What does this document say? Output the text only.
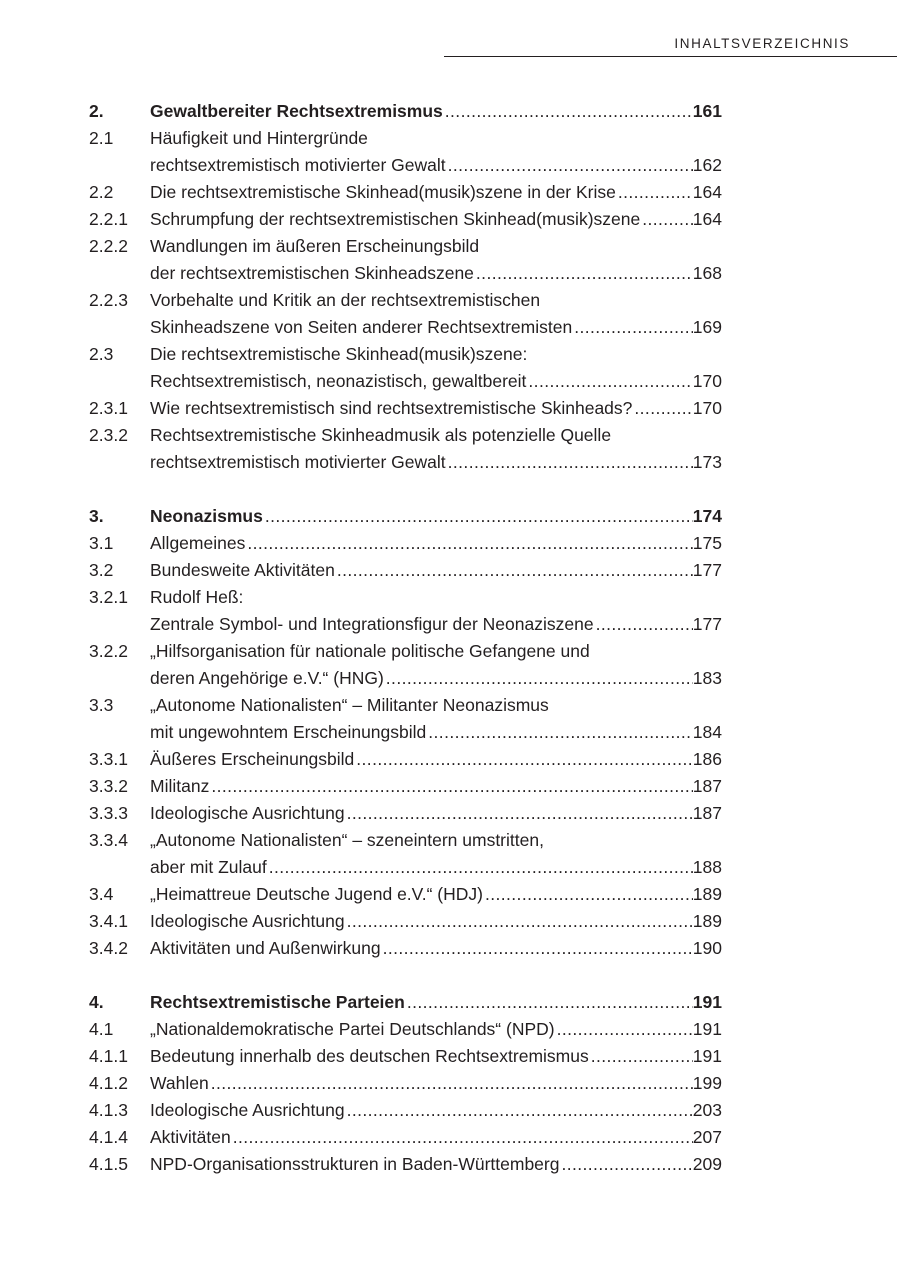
INHALTSVERZEICHNIS
2.	Gewaltbereiter Rechtsextremismus .....	161
2.1	Häufigkeit und Hintergründe
rechtsextremistisch motivierter Gewalt .....	162
2.2	Die rechtsextremistische Skinhead(musik)szene in der Krise .....	164
2.2.1	Schrumpfung der rechtsextremistischen Skinhead(musik)szene .....	164
2.2.2	Wandlungen im äußeren Erscheinungsbild
der rechtsextremistischen Skinheadszene .....	168
2.2.3	Vorbehalte und Kritik an der rechtsextremistischen
Skinheadszene von Seiten anderer Rechtsextremisten .....	169
2.3	Die rechtsextremistische Skinhead(musik)szene:
Rechtsextremistisch, neonazistisch, gewaltbereit .....	170
2.3.1	Wie rechtsextremistisch sind rechtsextremistische Skinheads? .....	170
2.3.2	Rechtsextremistische Skinheadmusik als potenzielle Quelle
rechtsextremistisch motivierter Gewalt .....	173
3.	Neonazismus .....	174
3.1	Allgemeines .....	175
3.2	Bundesweite Aktivitäten .....	177
3.2.1	Rudolf Heß:
Zentrale Symbol- und Integrationsfigur der Neonaziszene .....	177
3.2.2	„Hilfsorganisation für nationale politische Gefangene und
deren Angehörige e.V.“ (HNG) .....	183
3.3	„Autonome Nationalisten“ – Militanter Neonazismus
mit ungewohntem Erscheinungsbild .....	184
3.3.1	Äußeres Erscheinungsbild .....	186
3.3.2	Militanz .....	187
3.3.3	Ideologische Ausrichtung .....	187
3.3.4	„Autonome Nationalisten“ – szeneintern umstritten,
aber mit Zulauf .....	188
3.4	„Heimattreue Deutsche Jugend e.V.“ (HDJ) .....	189
3.4.1	Ideologische Ausrichtung .....	189
3.4.2	Aktivitäten und Außenwirkung .....	190
4.	Rechtsextremistische Parteien .....	191
4.1	„Nationaldemokratische Partei Deutschlands“ (NPD) .....	191
4.1.1	Bedeutung innerhalb des deutschen Rechtsextremismus .....	191
4.1.2	Wahlen .....	199
4.1.3	Ideologische Ausrichtung .....	203
4.1.4	Aktivitäten .....	207
4.1.5	NPD-Organisationsstrukturen in Baden-Württemberg .....	209
